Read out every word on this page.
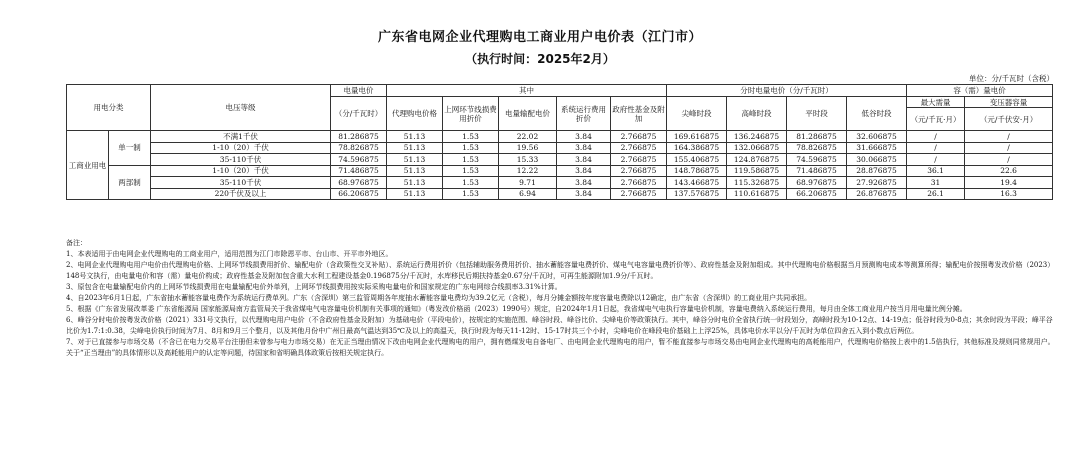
广东省电网企业代理购电工商业用户电价表（江门市）
（执行时间：2025年2月）
单位：分/千瓦时（含税）
用电分类		电压等级	电量电价	其中					分时电量电价（分/千瓦时）				容（需）量电价	
			（分/千瓦时）	代理购电价格	上网环节线损费用折价	电量输配电价	系统运行费用折价	政府性基金及附加	尖峰时段	高峰时段	平时段	低谷时段	最大需量	变压器容量
													（元/千瓦·月）	（元/千伏安·月）
工商业用电	单一制	不满1千伏	81.286875	51.13	1.53	22.02	3.84	2.766875	169.616875	136.246875	81.286875	32.606875	/	/
		1-10（20）千伏	78.826875	51.13	1.53	19.56	3.84	2.766875	164.386875	132.066875	78.826875	31.666875	/	/
		35-110千伏	74.596875	51.13	1.53	15.33	3.84	2.766875	155.406875	124.876875	74.596875	30.066875	/	/
	两部制	1-10（20）千伏	71.486875	51.13	1.53	12.22	3.84	2.766875	148.786875	119.586875	71.486875	28.876875	36.1	22.6
		35-110千伏	68.976875	51.13	1.53	9.71	3.84	2.766875	143.466875	115.326875	68.976875	27.926875	31	19.4
		220千伏及以上	66.206875	51.13	1.53	6.94	3.84	2.766875	137.576875	110.616875	66.206875	26.876875	26.1	16.3

备注：

1、本表适用于由电网企业代理购电的工商业用户，适用范围为江门市除恩平市、台山市、开平市外地区。

2、电网企业代理购电用户电价由代理购电价格、上网环节线损费用折价、输配电价（含政策性交叉补贴）、系统运行费用折价（包括辅助服务费用折价、抽水蓄能容量电费折价、煤电气电容量电费折价等）、政府性基金及附加组成。其中代理购电价格根据当月预测购电成本等测算所得；输配电价按照粤发改价格（2023）148号文执行，由电量电价和容（需）量电价构成；政府性基金及附加包含重大水利工程建设基金0.196875分/千瓦时，水库移民后期扶持基金0.67分/千瓦时，可再生能源附加1.9分/千瓦时。

3、原包含在电量输配电价内的上网环节线损费用在电量输配电价外单列，上网环节线损费用按实际采购电量电价和国家规定的广东电网综合线损率3.31%计算。

4、自2023年6月1日起，广东省抽水蓄能容量电费作为系统运行费单列。广东（含深圳）第三监管周期各年度抽水蓄能容量电费均为39.2亿元（含税），每月分摊金额按年度容量电费除以12确定，由广东省（含深圳）的工商业用户共同承担。

5、根据《广东省发展改革委 广东省能源局 国家能源局南方监管局关于我省煤电气电容量电价机制有关事项的通知》（粤发改价格函（2023）1990号）规定，自2024年1月1日起，我省煤电气电执行容量电价机制，容量电费纳入系统运行费用，每月由全体工商业用户按当月用电量比例分摊。

6、峰谷分时电价按粤发改价格（2021）331号文执行，以代理购电用户电价（不含政府性基金及附加）为基础电价（平段电价），按规定的实施范围、峰谷时段、峰谷比价、尖峰电价等政策执行。其中，峰谷分时电价全省执行统一时段划分，高峰时段为10-12点、14-19点；低谷时段为0-8点；其余时段为平段；峰平谷比价为1.7:1:0.38，尖峰电价执行时间为7月、8月和9月三个整月，以及其他月份中广州日最高气温达到35℃及以上的高温天，执行时段为每天11-12时、15-17时共三个小时，尖峰电价在峰段电价基础上上浮25%，具体电价水平以分/千瓦时为单位四舍五入到小数点后两位。

7、对于已直接参与市场交易（不含已在电力交易平台注册但未曾参与电力市场交易）在无正当理由情况下改由电网企业代理购电的用户，拥有燃煤发电自备电厂、由电网企业代理购电的用户，暂不能直接参与市场交易由电网企业代理购电的高耗能用户，代理购电价格按上表中的1.5倍执行，其他标准及规则同常规用户。关于“正当理由”的具体情形以及高耗能用户的认定等问题，待国家和省明确具体政策后按相关规定执行。
